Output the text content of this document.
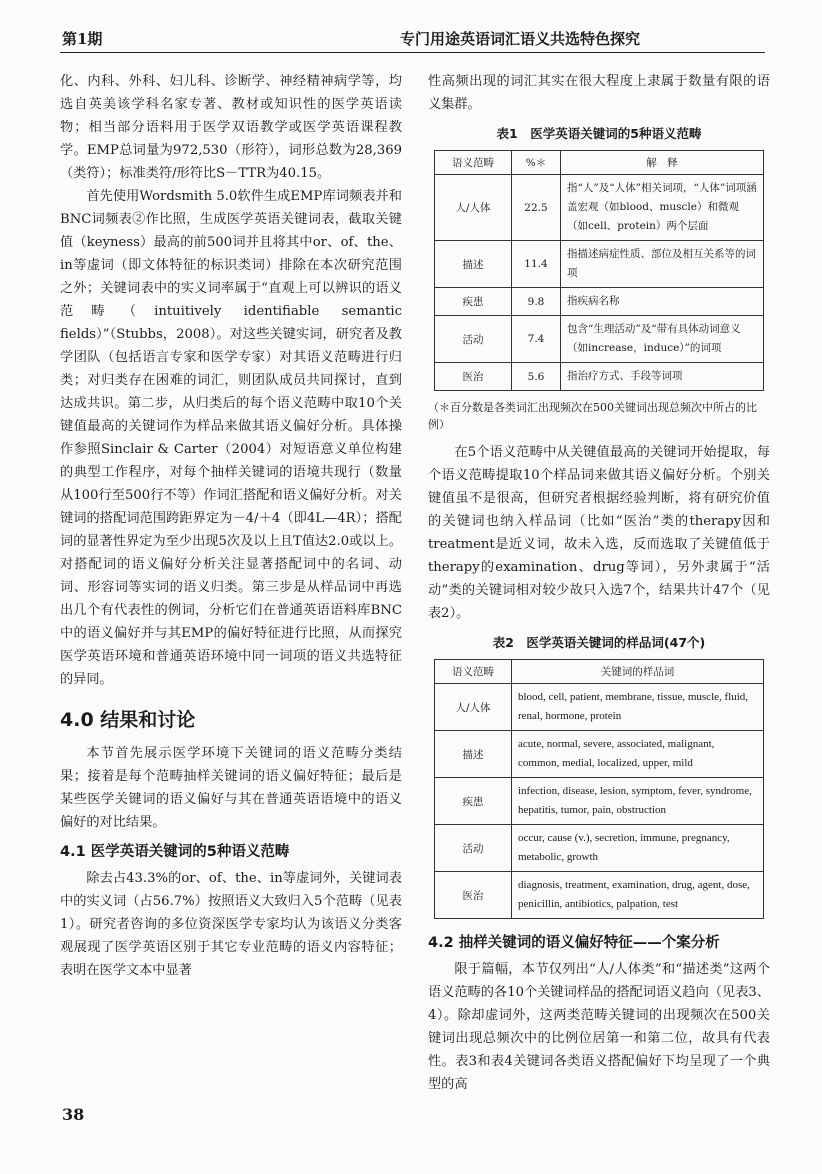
第1期	专门用途英语词汇语义共选特色探究

化、内科、外科、妇儿科、诊断学、神经精神病学等，均选自英美该学科名家专著、教材或知识性的医学英语读物；相当部分语料用于医学双语教学或医学英语课程教学。EMP总词量为972,530（形符），词形总数为28,369（类符）；标准类符/形符比S－TTR为40.15。

首先使用Wordsmith 5.0软件生成EMP库词频表并和BNC词频表②作比照，生成医学英语关键词表，截取关键值（keyness）最高的前500词并且将其中or、of、the、in等虚词（即文体特征的标识类词）排除在本次研究范围之外；关键词表中的实义词率属于“直观上可以辨识的语义范畴（intuitively identifiable semantic fields）”（Stubbs，2008）。对这些关键实词，研究者及教学团队（包括语言专家和医学专家）对其语义范畴进行归类；对归类存在困难的词汇，则团队成员共同探讨，直到达成共识。第二步，从归类后的每个语义范畴中取10个关键值最高的关键词作为样品来做其语义偏好分析。具体操作参照Sinclair & Carter（2004）对短语意义单位构建的典型工作程序，对每个抽样关键词的语境共现行（数量从100行至500行不等）作词汇搭配和语义偏好分析。对关键词的搭配词范围跨距界定为－4/＋4（即4L—4R）；搭配词的显著性界定为至少出现5次及以上且T值达2.0或以上。对搭配词的语义偏好分析关注显著搭配词中的名词、动词、形容词等实词的语义归类。第三步是从样品词中再选出几个有代表性的例词，分析它们在普通英语语料库BNC中的语义偏好并与其EMP的偏好特征进行比照，从而探究医学英语环境和普通英语环境中同一词项的语义共选特征的异同。

4.0 结果和讨论

本节首先展示医学环境下关键词的语义范畴分类结果；接着是每个范畴抽样关键词的语义偏好特征；最后是某些医学关键词的语义偏好与其在普通英语语境中的语义偏好的对比结果。

4.1 医学英语关键词的5种语义范畴

除去占43.3%的or、of、the、in等虚词外，关键词表中的实义词（占56.7%）按照语义大致归入5个范畴（见表1）。研究者咨询的多位资深医学专家均认为该语义分类客观展现了医学英语区别于其它专业范畴的语义内容特征；表明在医学文本中显著

性高频出现的词汇其实在很大程度上隶属于数量有限的语义集群。

表1　医学英语关键词的5种语义范畴
语义范畴	%＊	解　释
人/人体	22.5	指“人”及“人体”相关词项，“人体”词项涵盖宏观（如blood、muscle）和微观（如cell、protein）两个层面
描述	11.4	指描述病症性质、部位及相互关系等的词项
疾患	9.8	指疾病名称
活动	7.4	包含“生理活动”及“带有具体动词意义（如increase，induce）”的词项
医治	5.6	指治疗方式、手段等词项

（＊百分数是各类词汇出现频次在500关键词出现总频次中所占的比例）

在5个语义范畴中从关键值最高的关键词开始提取，每个语义范畴提取10个样品词来做其语义偏好分析。个别关键值虽不是很高，但研究者根据经验判断，将有研究价值的关键词也纳入样品词（比如“医治”类的therapy因和treatment是近义词，故未入选，反而选取了关键值低于therapy的examination、drug等词），另外隶属于“活动”类的关键词相对较少故只入选7个，结果共计47个（见表2）。

表2　医学英语关键词的样品词(47个)
语义范畴	关键词的样品词
人/人体	blood, cell, patient, membrane, tissue, muscle, fluid, renal, hormone, protein
描述	acute, normal, severe, associated, malignant, common, medial, localized, upper, mild
疾患	infection, disease, lesion, symptom, fever, syndrome, hepatitis, tumor, pain, obstruction
活动	occur, cause (v.), secretion, immune, pregnancy, metabolic, growth
医治	diagnosis, treatment, examination, drug, agent, dose, penicillin, antibiotics, palpation, test
4.2 抽样关键词的语义偏好特征——个案分析

限于篇幅，本节仅列出“人/人体类”和“描述类”这两个语义范畴的各10个关键词样品的搭配词语义趋向（见表3、4）。除却虚词外，这两类范畴关键词的出现频次在500关键词出现总频次中的比例位居第一和第二位，故具有代表性。表3和表4关键词各类语义搭配偏好下均呈现了一个典型的高

38
